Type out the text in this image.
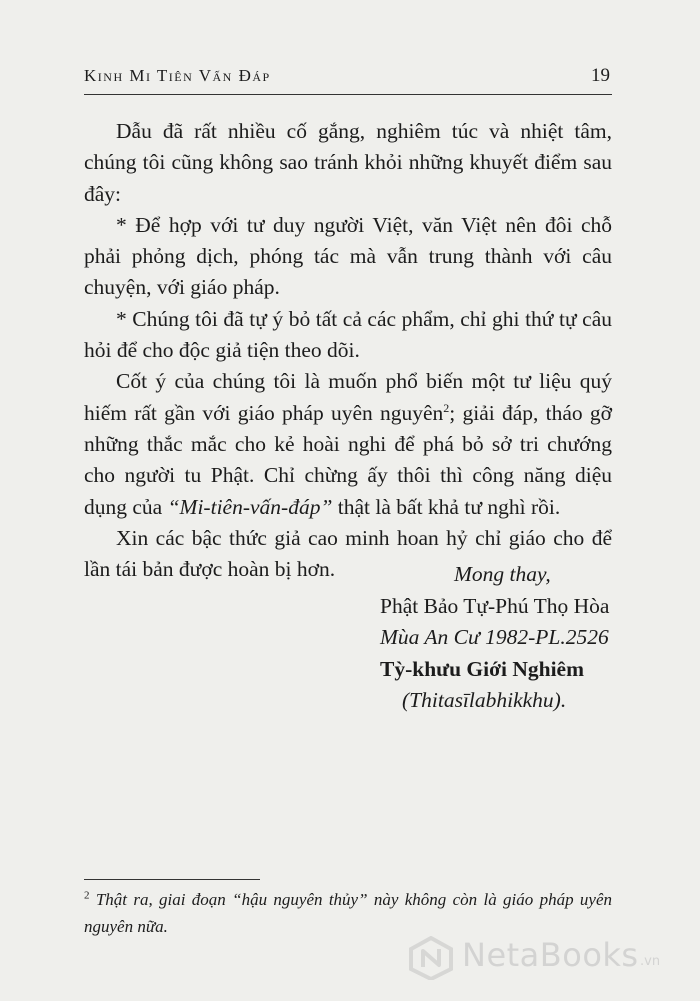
Kinh Mi Tiên Vấn Đáp	19

Dẫu đã rất nhiều cố gắng, nghiêm túc và nhiệt tâm, chúng tôi cũng không sao tránh khỏi những khuyết điểm sau đây:

* Để hợp với tư duy người Việt, văn Việt nên đôi chỗ phải phỏng dịch, phóng tác mà vẫn trung thành với câu chuyện, với giáo pháp.

* Chúng tôi đã tự ý bỏ tất cả các phẩm, chỉ ghi thứ tự câu hỏi để cho độc giả tiện theo dõi.

Cốt ý của chúng tôi là muốn phổ biến một tư liệu quý hiếm rất gần với giáo pháp uyên nguyên$^2$; giải đáp, tháo gỡ những thắc mắc cho kẻ hoài nghi để phá bỏ sở tri chướng cho người tu Phật. Chỉ chừng ấy thôi thì công năng diệu dụng của “Mi-tiên-vấn-đáp” thật là bất khả tư nghì rồi.

Xin các bậc thức giả cao minh hoan hỷ chỉ giáo cho để lần tái bản được hoàn bị hơn.	Mong thay,
Phật Bảo Tự-Phú Thọ Hòa
Mùa An Cư 1982-PL.2526
Tỳ-khưu Giới Nghiêm
(Thitasīlabhikkhu).
$^2$ Thật ra, giai đoạn “hậu nguyên thủy” này không còn là giáo pháp uyên nguyên nữa.
NetaBooks .vn
